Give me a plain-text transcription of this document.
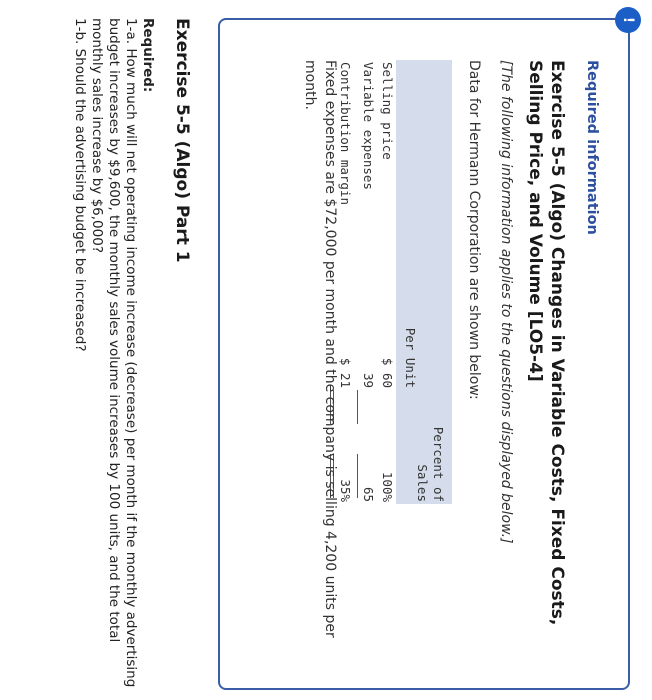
!
Required information
Exercise 5-5 (Algo) Changes in Variable Costs, Fixed Costs, Selling Price, and Volume [LO5-4]
[The following information applies to the questions displayed below.]
Data for Hermann Corporation are shown below:
Per Unit
Percent of
Sales
Selling price
$ 60
100%
Variable expenses
39
65
Contribution margin
$ 21
35%
Fixed expenses are $72,000 per month and the company is selling 4,200 units per month.
Exercise 5-5 (Algo) Part 1
Required:

1-a. How much will net operating income increase (decrease) per month if the monthly advertising budget increases by $9,600, the monthly sales volume increases by 100 units, and the total monthly sales increase by $6,000?

1-b. Should the advertising budget be increased?
